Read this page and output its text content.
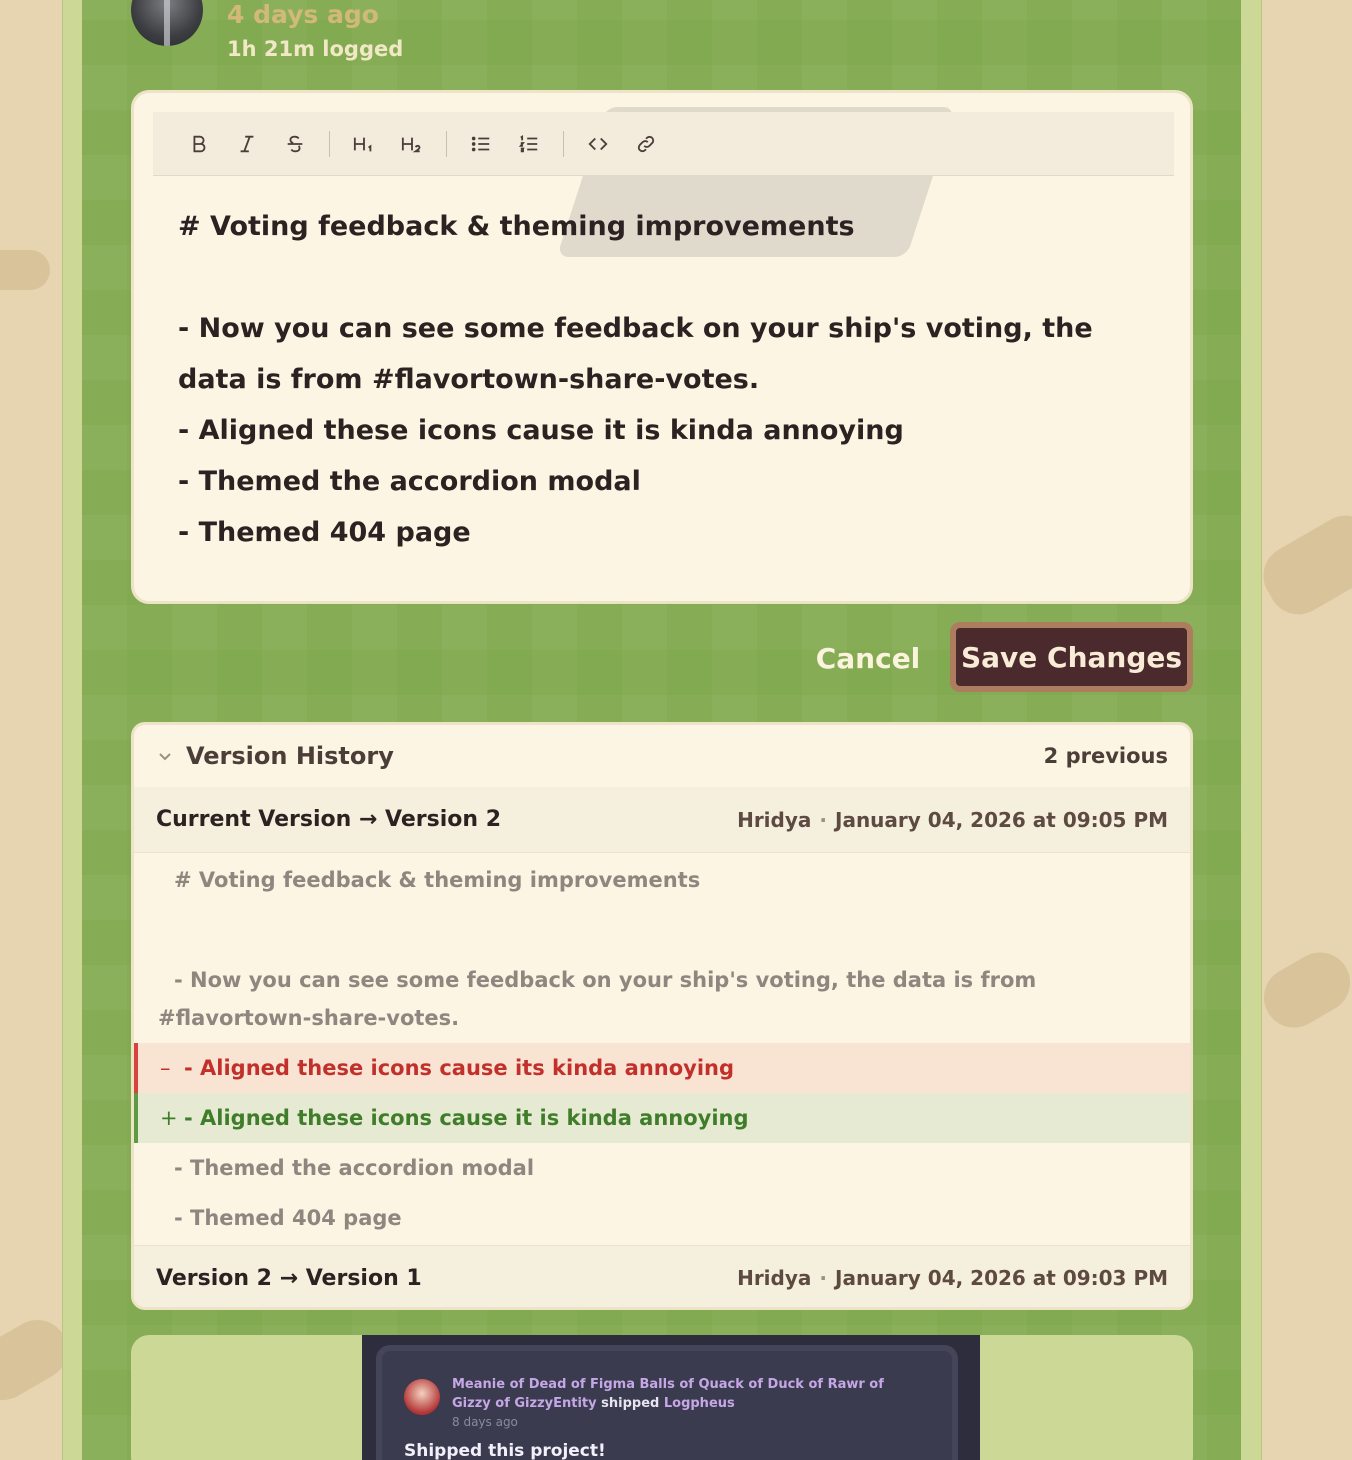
4 days ago
1h 21m logged
# Voting feedback & theming improvements
- Now you can see some feedback on your ship's voting, the data is from #flavortown-share-votes.
- Aligned these icons cause it is kinda annoying
- Themed the accordion modal
- Themed 404 page
Cancel	Save Changes
Version History	2 previous
Current Version → Version 2	Hridya · January 04, 2026 at 09:05 PM
# Voting feedback & theming improvements
- Now you can see some feedback on your ship's voting, the data is from #flavortown-share-votes.
– - Aligned these icons cause its kinda annoying
+ - Aligned these icons cause it is kinda annoying
- Themed the accordion modal
- Themed 404 page
Version 2 → Version 1	Hridya · January 04, 2026 at 09:03 PM
Meanie of Dead of Figma Balls of Quack of Duck of Rawr of Gizzy of GizzyEntity shipped Logpheus
8 days ago
Shipped this project!
